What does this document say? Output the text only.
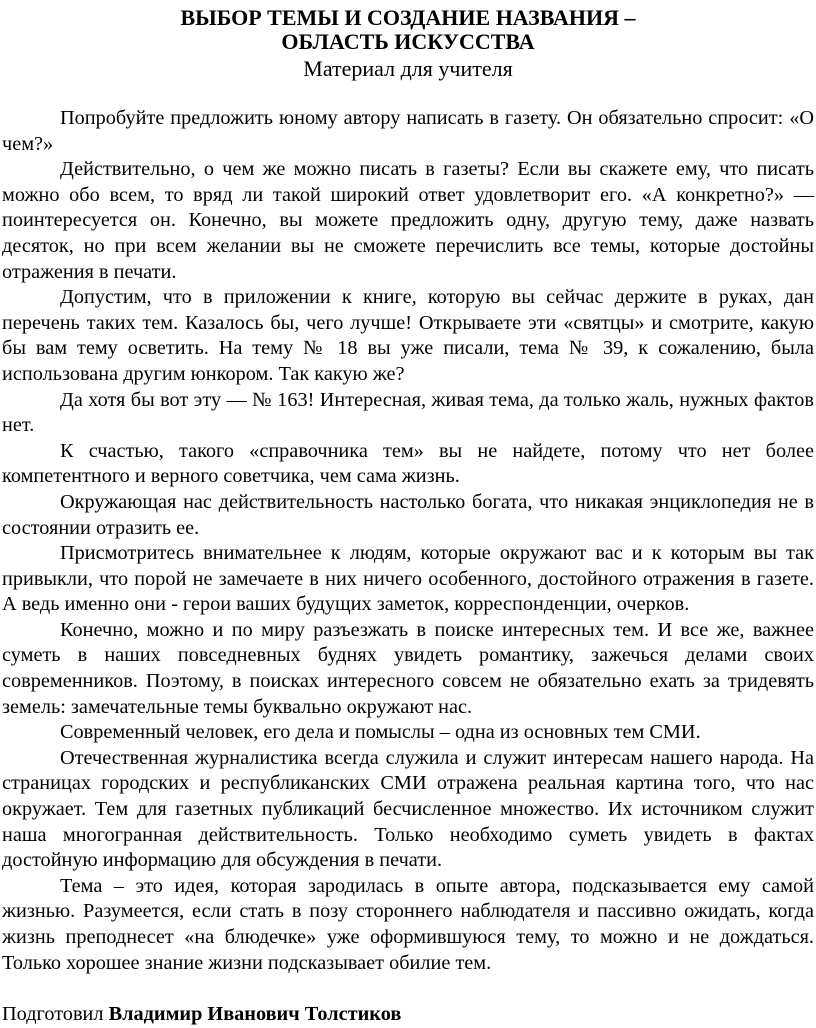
ВЫБОР ТЕМЫ И СОЗДАНИЕ НАЗВАНИЯ –
ОБЛАСТЬ ИСКУССТВА

Материал для учителя

Попробуйте предложить юному автору написать в газету. Он обязательно спросит: «О чем?»

Действительно, о чем же можно писать в газеты? Если вы скажете ему, что писать можно обо всем, то вряд ли такой широкий ответ удовлетворит его. «А конкретно?» — поинтересуется он. Конечно, вы можете предложить одну, другую тему, даже назвать десяток, но при всем желании вы не сможете перечислить все темы, которые достойны отражения в печати.

Допустим, что в приложении к книге, которую вы сейчас держите в руках, дан перечень таких тем. Казалось бы, чего лучше! Открываете эти «святцы» и смотрите, какую бы вам тему осветить. На тему № 18 вы уже писали, тема № 39, к сожалению, была использована другим юнкором. Так какую же?

Да хотя бы вот эту — № 163! Интересная, живая тема, да только жаль, нужных фактов нет.

К счастью, такого «справочника тем» вы не найдете, потому что нет более компетентного и верного советчика, чем сама жизнь.

Окружающая нас действительность настолько богата, что никакая энциклопедия не в состоянии отразить ее.

Присмотритесь внимательнее к людям, которые окружают вас и к которым вы так привыкли, что порой не замечаете в них ничего особенного, достойного отражения в газете. А ведь именно они - герои ваших будущих заметок, корреспонденции, очерков.

Конечно, можно и по миру разъезжать в поиске интересных тем. И все же, важнее суметь в наших повседневных буднях увидеть романтику, зажечься делами своих современников. Поэтому, в поисках интересного совсем не обязательно ехать за тридевять земель: замечательные темы буквально окружают нас.

Современный человек, его дела и помыслы – одна из основных тем СМИ.

Отечественная журналистика всегда служила и служит интересам нашего народа. На страницах городских и республиканских СМИ отражена реальная картина того, что нас окружает. Тем для газетных публикаций бесчисленное множество. Их источником служит наша многогранная действительность. Только необходимо суметь увидеть в фактах достойную информацию для обсуждения в печати.

Тема – это идея, которая зародилась в опыте автора, подсказывается ему самой жизнью. Разумеется, если стать в позу стороннего наблюдателя и пассивно ожидать, когда жизнь преподнесет «на блюдечке» уже оформившуюся тему, то можно и не дождаться. Только хорошее знание жизни подсказывает обилие тем.

Подготовил Владимир Иванович Толстиков
